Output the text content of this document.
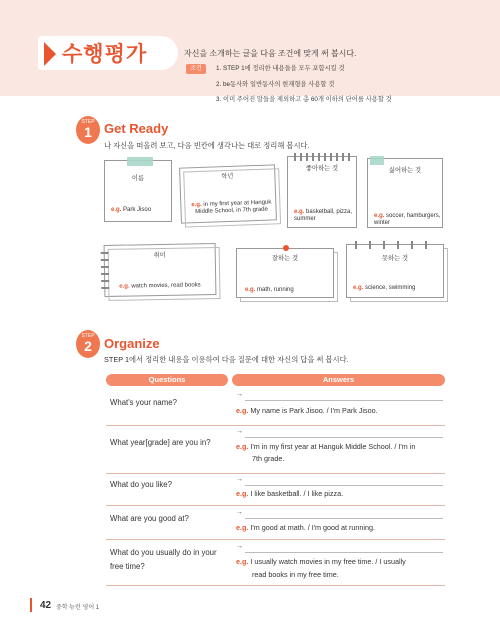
수행평가	자신을 소개하는 글을 다음 조건에 맞게 써 봅시다.
조건	1. STEP 1에 정리한 내용들을 모두 포함시킬 것
2. be동사와 일반동사의 현재형을 사용할 것
3. 이미 주어진 말들을 제외하고 총 60개 이하의 단어를 사용할 것
STEP
1 Get Ready
나 자신을 떠올려 보고, 다음 빈칸에 생각나는 대로 정리해 봅시다.
이름
e.g. Park Jisoo
학년
e.g. in my first year at Hanguk Middle School, in 7th grade
좋아하는 것
e.g. basketball, pizza, summer
싫어하는 것
e.g. soccer, hamburgers, winter
취미
e.g. watch movies, read books
잘하는 것
e.g. math, running
못하는 것
e.g. science, swimming
STEP
2 Organize
STEP 1에서 정리한 내용을 이용하여 다음 질문에 대한 자신의 답을 써 봅시다.
Questions	Answers
What's your name?
→
e.g. My name is Park Jisoo. / I'm Park Jisoo.
What year[grade] are you in?
→
e.g. I'm in my first year at Hanguk Middle School. / I'm in
7th grade.
What do you like?
→
e.g. I like basketball. / I like pizza.
What are you good at?
→
e.g. I'm good at math. / I'm good at running.
What do you usually do in your free time?
→
e.g. I usually watch movies in my free time. / I usually
read books in my free time.
42 중학 뉴런 영어 1
